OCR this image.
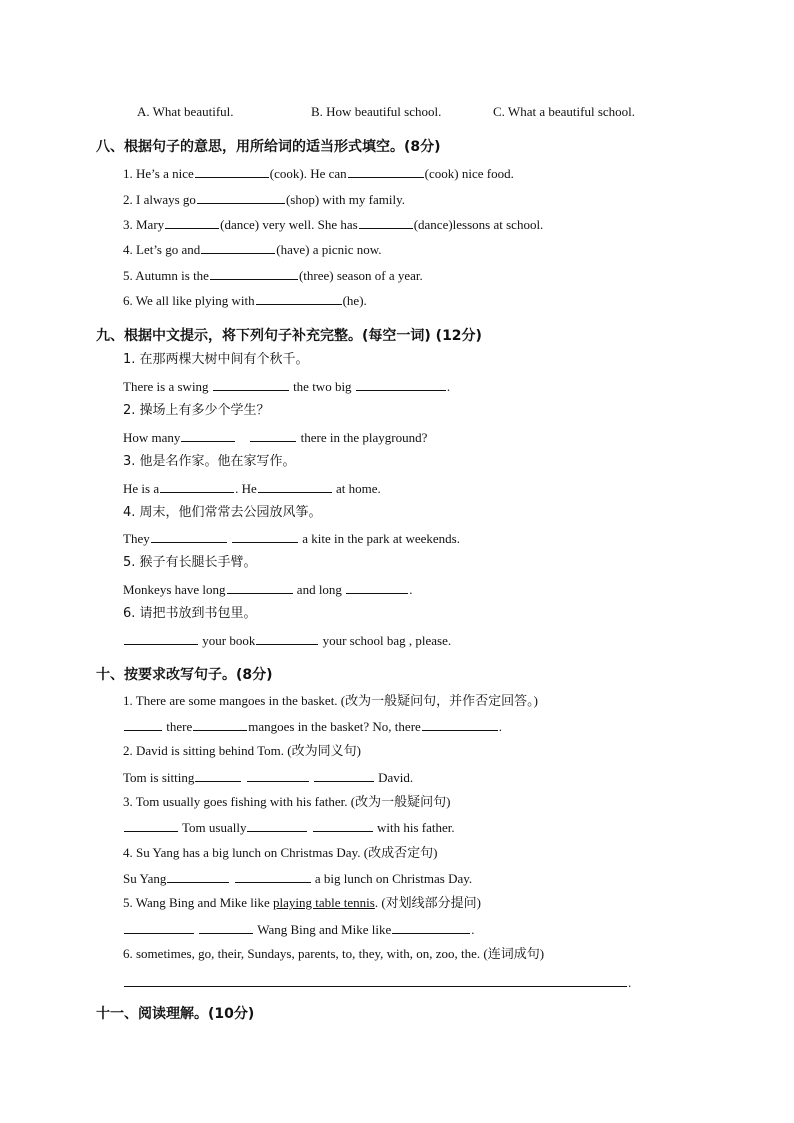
A. What beautiful.	B. How beautiful school.	C. What a beautiful school.
八、根据句子的意思，用所给词的适当形式填空。(8分)
1. He’s a nice	(cook). He can	(cook) nice food.
2. I always go	(shop) with my family.
3. Mary	(dance) very well. She has	(dance)lessons at school.
4. Let’s go and	(have) a picnic now.
5. Autumn is the	(three) season of a year.
6. We all like plying with	(he).
九、根据中文提示，将下列句子补充完整。(每空一词) (12分)
1. 在那两棵大树中间有个秋千。
There is a swing	the two big	.
2. 操场上有多少个学生？
How many	there in the playground?
3. 他是名作家。他在家写作。
He is a	. He	at home.
4. 周末，他们常常去公园放风筝。
They	a kite in the park at weekends.
5. 猴子有长腿长手臂。
Monkeys have long	and long	.
6. 请把书放到书包里。
your book	your school bag , please.
十、按要求改写句子。(8分)
1. There are some mangoes in the basket. (改为一般疑问句，并作否定回答。)
there	mangoes in the basket? No, there	.
2. David is sitting behind Tom. (改为同义句)
Tom is sitting	David.
3. Tom usually goes fishing with his father. (改为一般疑问句)
Tom usually	with his father.
4. Su Yang has a big lunch on Christmas Day. (改成否定句)
Su Yang	a big lunch on Christmas Day.
5. Wang Bing and Mike like playing table tennis. (对划线部分提问)
Wang Bing and Mike like	.
6. sometimes, go, their, Sundays, parents, to, they, with, on, zoo, the. (连词成句)
.
十一、阅读理解。(10分)
